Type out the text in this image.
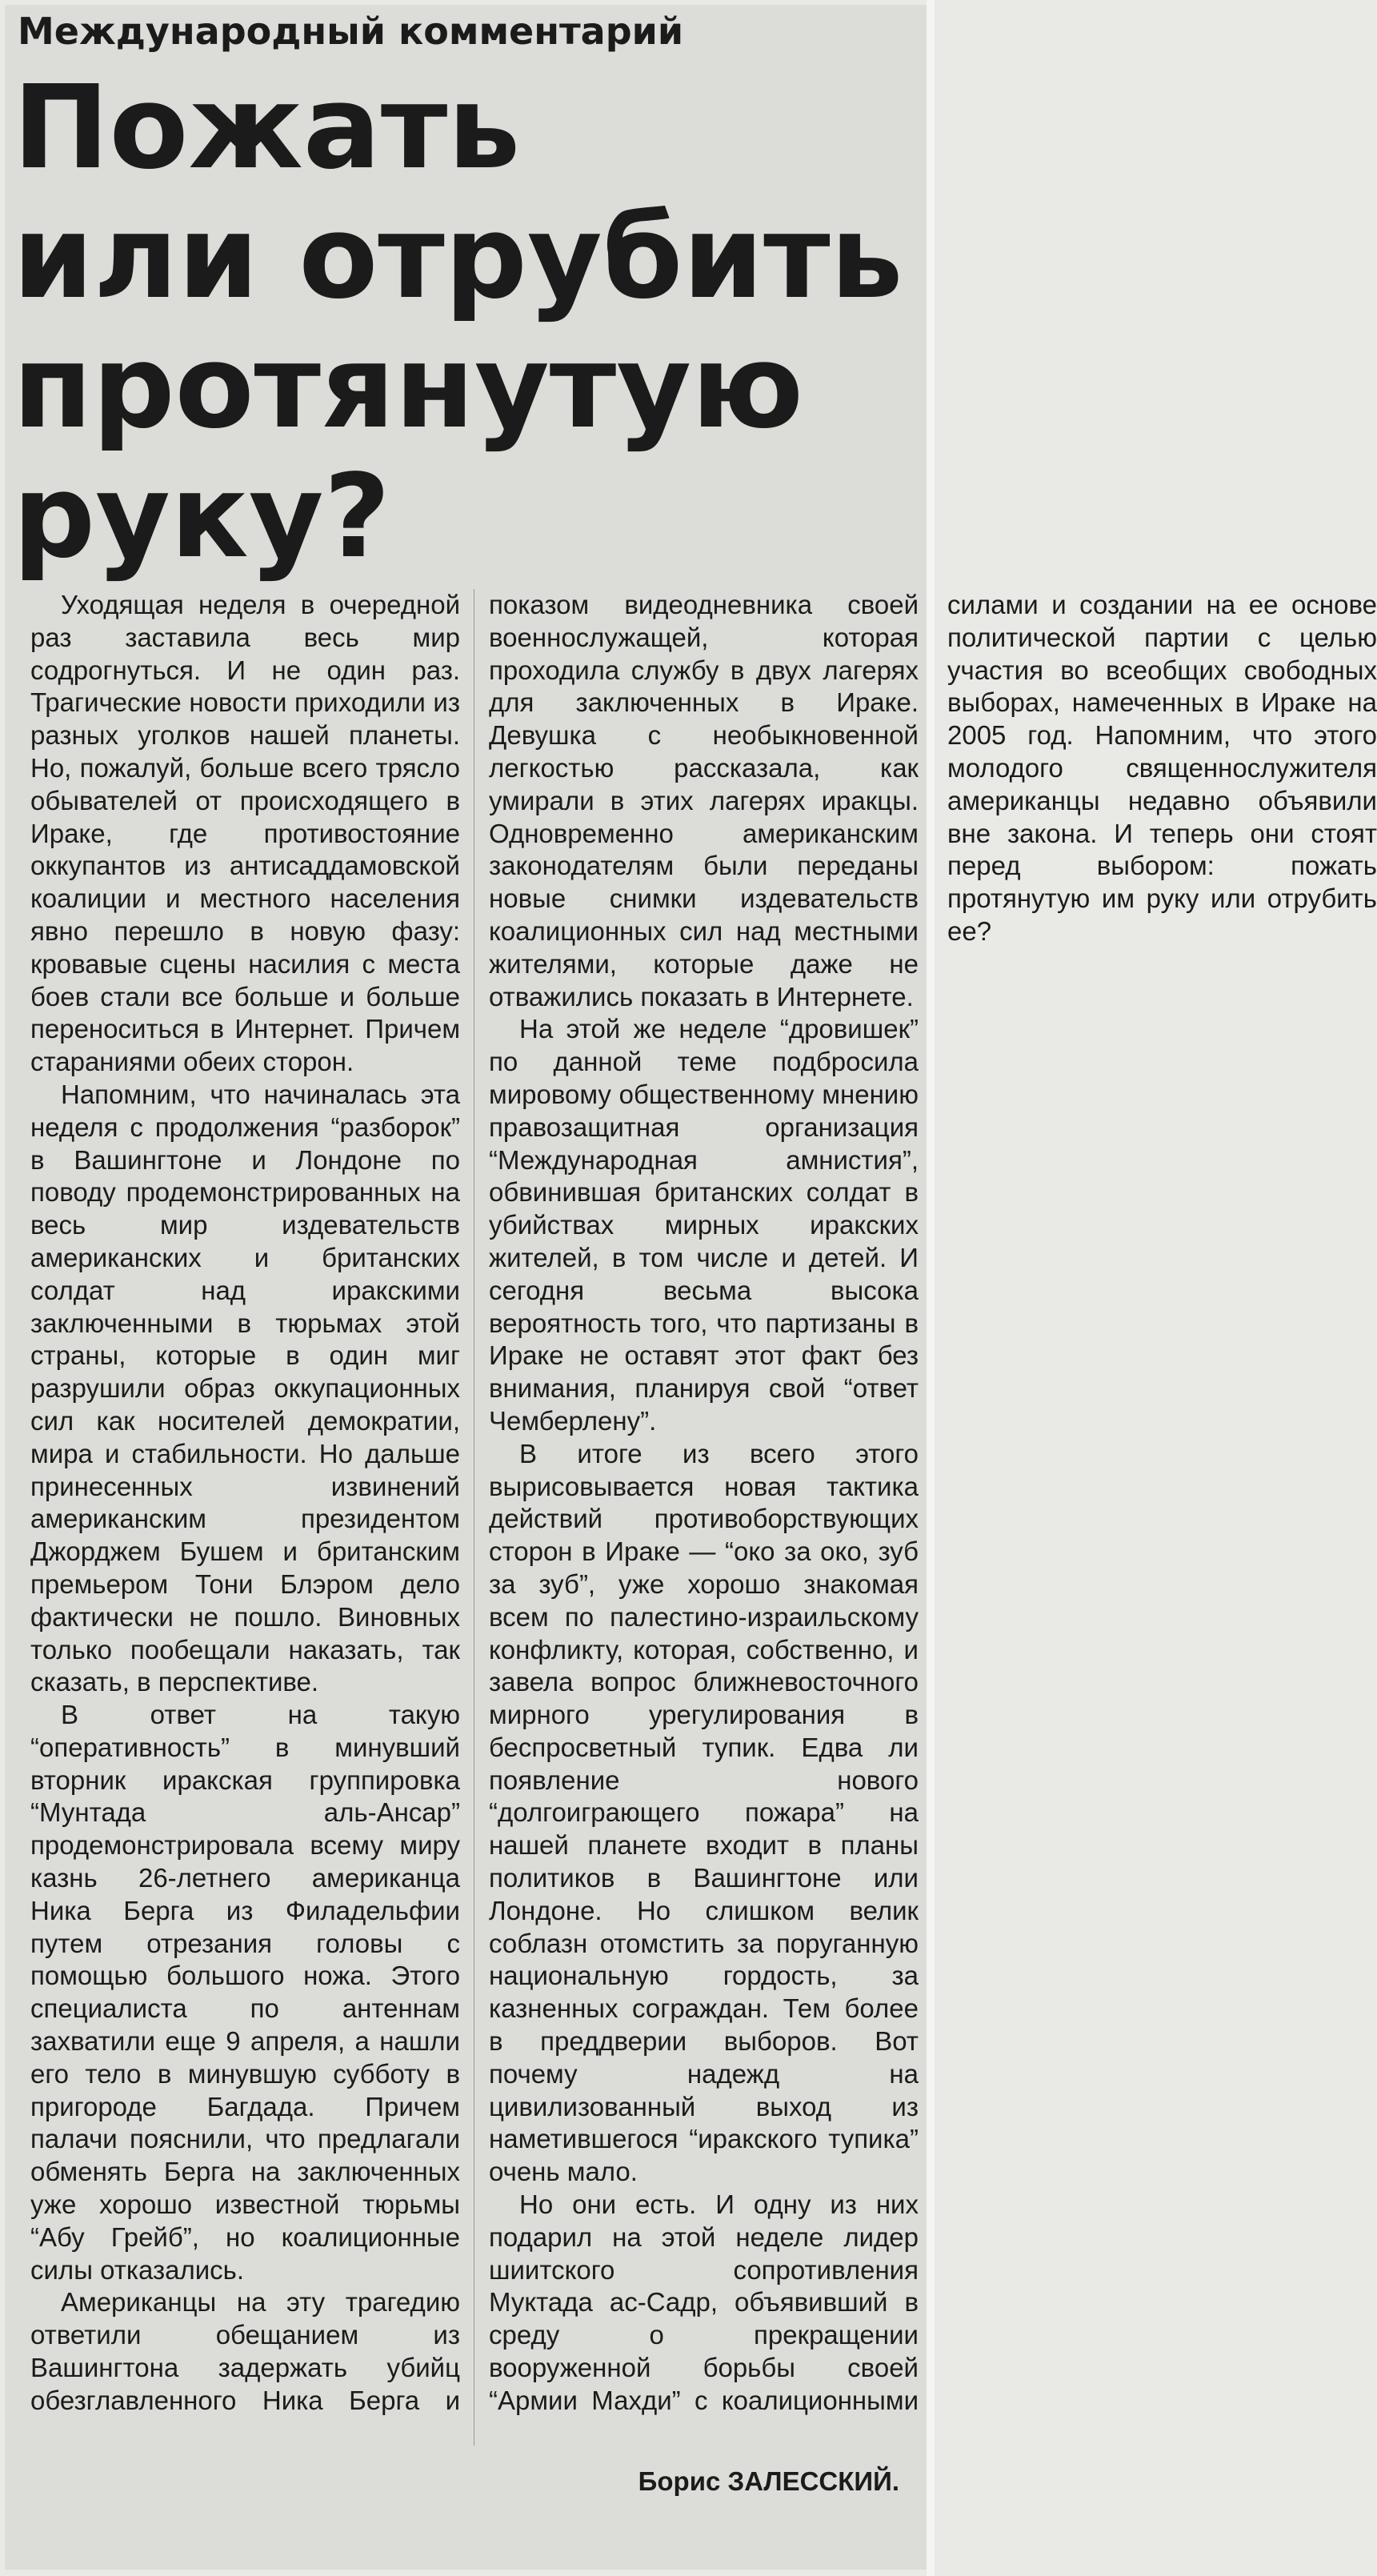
Международный комментарий
Пожать
или отрубить
протянутую
руку?

Уходящая неделя в очередной раз заставила весь мир содрогнуться. И не один раз. Трагические новости приходили из разных уголков нашей планеты. Но, пожалуй, больше всего трясло обывателей от происходящего в Ираке, где противостояние оккупантов из антисаддамовской коалиции и местного населения явно перешло в новую фазу: кровавые сцены насилия с места боев стали все больше и больше переноситься в Интернет. Причем стараниями обеих сторон.

Напомним, что начиналась эта неделя с продолжения “разборок” в Вашингтоне и Лондоне по поводу продемонстрированных на весь мир издевательств американских и британских солдат над иракскими заключенными в тюрьмах этой страны, которые в один миг разрушили образ оккупационных сил как носителей демократии, мира и стабильности. Но дальше принесенных извинений американским президентом Джорджем Бушем и британским премьером Тони Блэром дело фактически не пошло. Виновных только пообещали наказать, так сказать, в перспективе.

В ответ на такую “оперативность” в минувший вторник иракская группировка “Мунтада аль-Ансар” продемонстрировала всему миру казнь 26-летнего американца Ника Берга из Филадельфии путем отрезания головы с помощью большого ножа. Этого специалиста по антеннам захватили еще 9 апреля, а нашли его тело в минувшую субботу в пригороде Багдада. Причем палачи пояснили, что предлагали обменять Берга на заключенных уже хорошо известной тюрьмы “Абу Грейб”, но коалиционные силы отказались.

Американцы на эту трагедию ответили обещанием из Вашингтона задержать убийц обезглавленного Ника Берга и показом видеодневника своей военнослужащей, которая проходила службу в двух лагерях для заключенных в Ираке. Девушка с необыкновенной легкостью рассказала, как умирали в этих лагерях иракцы. Одновременно американским законодателям были переданы новые снимки издевательств коалиционных сил над местными жителями, которые даже не отважились показать в Интернете.

На этой же неделе “дровишек” по данной теме подбросила мировому общественному мнению правозащитная организация “Международная амнистия”, обвинившая британских солдат в убийствах мирных иракских жителей, в том числе и детей. И сегодня весьма высока вероятность того, что партизаны в Ираке не оставят этот факт без внимания, планируя свой “ответ Чемберлену”.

В итоге из всего этого вырисовывается новая тактика действий противоборствующих сторон в Ираке — “око за око, зуб за зуб”, уже хорошо знакомая всем по палестино-израильскому конфликту, которая, собственно, и завела вопрос ближневосточного мирного урегулирования в беспросветный тупик. Едва ли появление нового “долгоиграющего пожара” на нашей планете входит в планы политиков в Вашингтоне или Лондоне. Но слишком велик соблазн отомстить за поруганную национальную гордость, за казненных сограждан. Тем более в преддверии выборов. Вот почему надежд на цивилизованный выход из наметившегося “иракского тупика” очень мало.

Но они есть. И одну из них подарил на этой неделе лидер шиитского сопротивления Муктада ас-Садр, объявивший в среду о прекращении вооруженной борьбы своей “Армии Махди” с коалиционными силами и создании на ее основе политической партии с целью участия во всеобщих свободных выборах, намеченных в Ираке на 2005 год. Напомним, что этого молодого священнослужителя американцы недавно объявили вне закона. И теперь они стоят перед выбором: пожать протянутую им руку или отрубить ее?

Борис ЗАЛЕССКИЙ.
